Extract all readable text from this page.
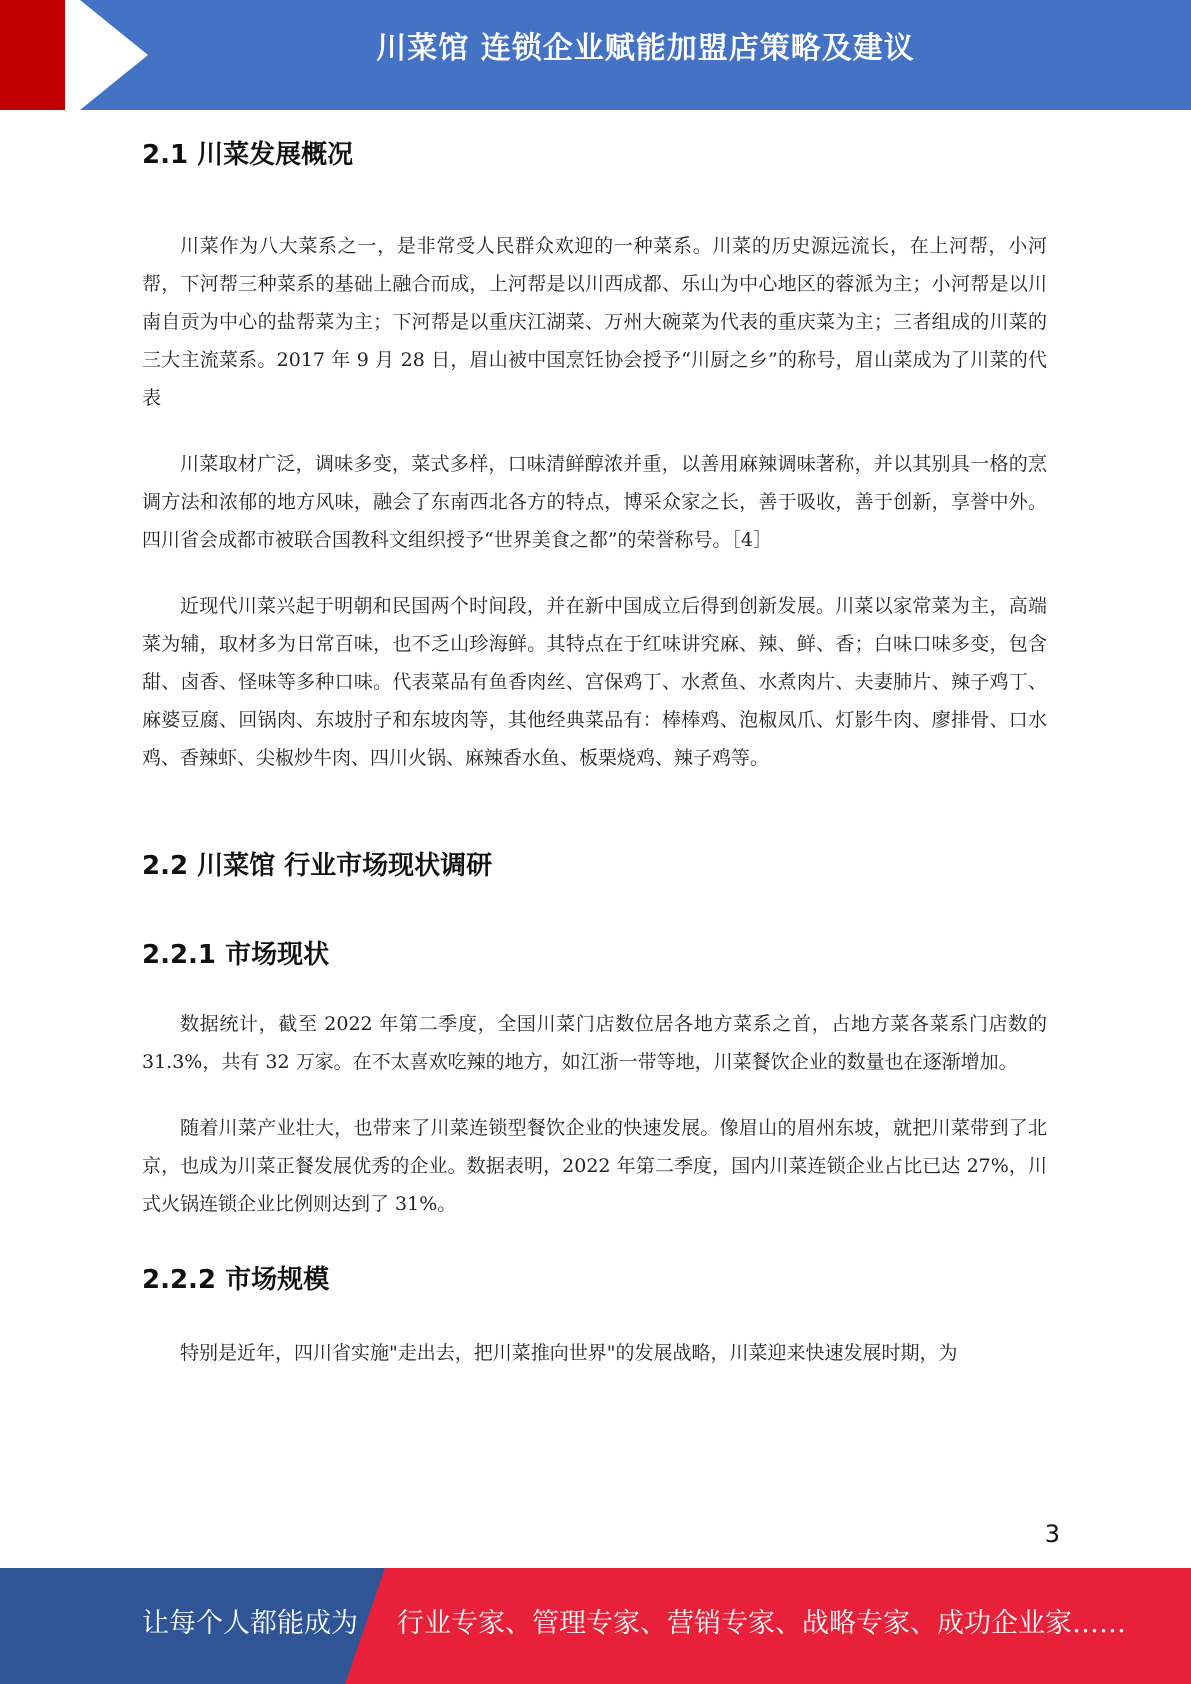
川菜馆 连锁企业赋能加盟店策略及建议
2.1 川菜发展概况

川菜作为八大菜系之一，是非常受人民群众欢迎的一种菜系。川菜的历史源远流长，在上河帮，小河帮，下河帮三种菜系的基础上融合而成，上河帮是以川西成都、乐山为中心地区的蓉派为主；小河帮是以川南自贡为中心的盐帮菜为主；下河帮是以重庆江湖菜、万州大碗菜为代表的重庆菜为主；三者组成的川菜的三大主流菜系。2017 年 9 月 28 日，眉山被中国烹饪协会授予“川厨之乡”的称号，眉山菜成为了川菜的代表

川菜取材广泛，调味多变，菜式多样，口味清鲜醇浓并重，以善用麻辣调味著称，并以其别具一格的烹调方法和浓郁的地方风味，融会了东南西北各方的特点，博采众家之长，善于吸收，善于创新，享誉中外。四川省会成都市被联合国教科文组织授予“世界美食之都”的荣誉称号。［4］

近现代川菜兴起于明朝和民国两个时间段，并在新中国成立后得到创新发展。川菜以家常菜为主，高端菜为辅，取材多为日常百味，也不乏山珍海鲜。其特点在于红味讲究麻、辣、鲜、香；白味口味多变，包含甜、卤香、怪味等多种口味。代表菜品有鱼香肉丝、宫保鸡丁、水煮鱼、水煮肉片、夫妻肺片、辣子鸡丁、麻婆豆腐、回锅肉、东坡肘子和东坡肉等，其他经典菜品有：棒棒鸡、泡椒凤爪、灯影牛肉、廖排骨、口水鸡、香辣虾、尖椒炒牛肉、四川火锅、麻辣香水鱼、板栗烧鸡、辣子鸡等。

2.2 川菜馆 行业市场现状调研
2.2.1 市场现状

数据统计，截至 2022 年第二季度，全国川菜门店数位居各地方菜系之首，占地方菜各菜系门店数的 31.3%，共有 32 万家。在不太喜欢吃辣的地方，如江浙一带等地，川菜餐饮企业的数量也在逐渐增加。

随着川菜产业壮大，也带来了川菜连锁型餐饮企业的快速发展。像眉山的眉州东坡，就把川菜带到了北京，也成为川菜正餐发展优秀的企业。数据表明，2022 年第二季度，国内川菜连锁企业占比已达 27%，川式火锅连锁企业比例则达到了 31%。

2.2.2 市场规模

特别是近年，四川省实施"走出去，把川菜推向世界"的发展战略，川菜迎来快速发展时期，为

3
让每个人都能成为 行业专家、管理专家、营销专家、战略专家、成功企业家……
